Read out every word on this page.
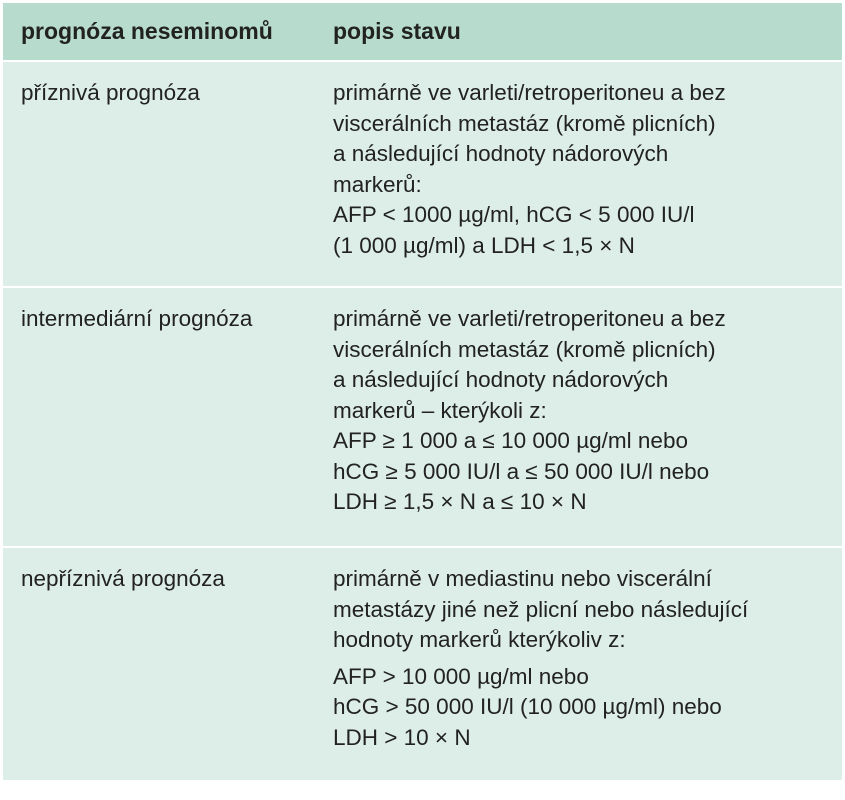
prognóza neseminomů	popis stavu
příznivá prognóza	primárně ve varleti/retroperitoneu a bez
viscerálních metastáz (kromě plicních)
a následující hodnoty nádorových
markerů:
AFP < 1000 µg/ml, hCG < 5 000 IU/l
(1 000 µg/ml) a LDH < 1,5 × N
intermediární prognóza	primárně ve varleti/retroperitoneu a bez
viscerálních metastáz (kromě plicních)
a následující hodnoty nádorových
markerů – kterýkoli z:
AFP ≥ 1 000 a ≤ 10 000 µg/ml nebo
hCG ≥ 5 000 IU/l a ≤ 50 000 IU/l nebo
LDH ≥ 1,5 × N a ≤ 10 × N
nepříznivá prognóza	primárně v mediastinu nebo viscerální
metastázy jiné než plicní nebo následující
hodnoty markerů kterýkoliv z:
AFP > 10 000 µg/ml nebo
hCG > 50 000 IU/l (10 000 µg/ml) nebo
LDH > 10 × N
